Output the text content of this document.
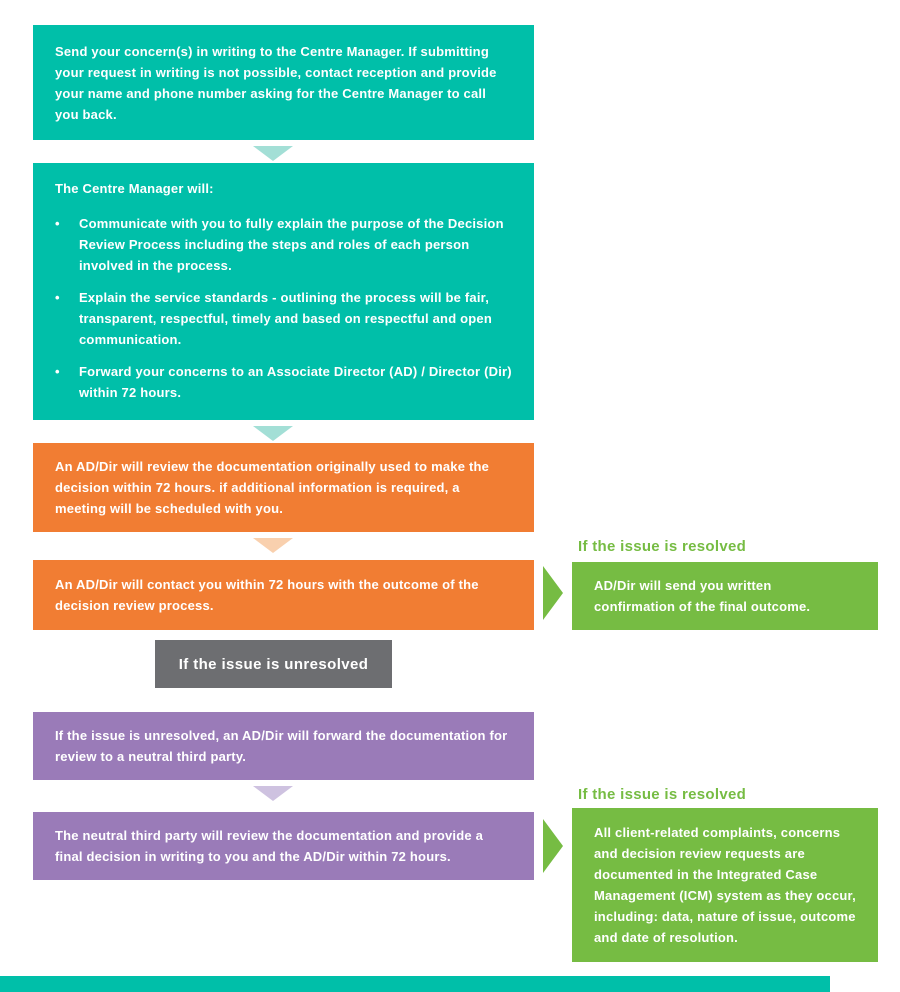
Send your concern(s) in writing to the Centre Manager. If submitting your request in writing is not possible, contact reception and provide your name and phone number asking for the Centre Manager to call you back.

The Centre Manager will:

•
Communicate with you to fully explain the purpose of the Decision Review Process including the steps and roles of each person involved in the process.
•
Explain the service standards - outlining the process will be fair, transparent, respectful, timely and based on respectful and open communication.
•
Forward your concerns to an Associate Director (AD) / Director (Dir) within 72 hours.

An AD/Dir will review the documentation originally used to make the decision within 72 hours. if additional information is required, a meeting will be scheduled with you.

An AD/Dir will contact you within 72 hours with the outcome of the decision review process.

If the issue is resolved

AD/Dir will send you written confirmation of the final outcome.

If the issue is unresolved

If the issue is unresolved, an AD/Dir will forward the documentation for review to a neutral third party.

The neutral third party will review the documentation and provide a final decision in writing to you and the AD/Dir within 72 hours.

If the issue is resolved

All client-related complaints, concerns and decision review requests are documented in the Integrated Case Management (ICM) system as they occur, including: data, nature of issue, outcome and date of resolution.
